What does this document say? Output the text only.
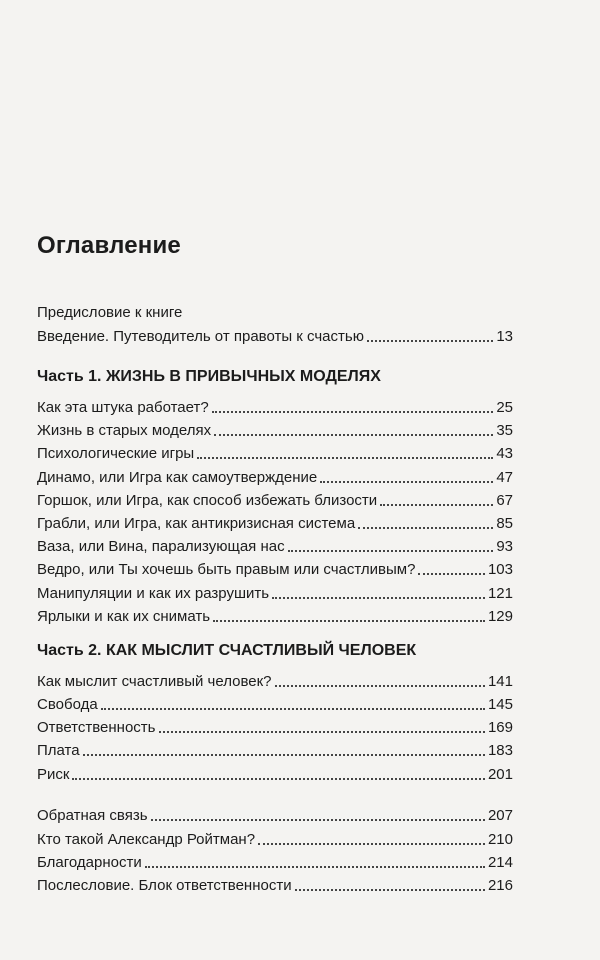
Оглавление
Предисловие к книге
Введение. Путеводитель от правоты к счастью	13
Часть 1. ЖИЗНЬ В ПРИВЫЧНЫХ МОДЕЛЯХ
Как эта штука работает?	25
Жизнь в старых моделях	35
Психологические игры	43
Динамо, или Игра как самоутверждение	47
Горшок, или Игра, как способ избежать близости	67
Грабли, или Игра, как антикризисная система	85
Ваза, или Вина, парализующая нас	93
Ведро, или Ты хочешь быть правым или счастливым?	103
Манипуляции и как их разрушить	121
Ярлыки и как их снимать	129
Часть 2. КАК МЫСЛИТ СЧАСТЛИВЫЙ ЧЕЛОВЕК
Как мыслит счастливый человек?	141
Свобода	145
Ответственность	169
Плата	183
Риск	201
Обратная связь	207
Кто такой Александр Ройтман?	210
Благодарности	214
Послесловие. Блок ответственности	216
